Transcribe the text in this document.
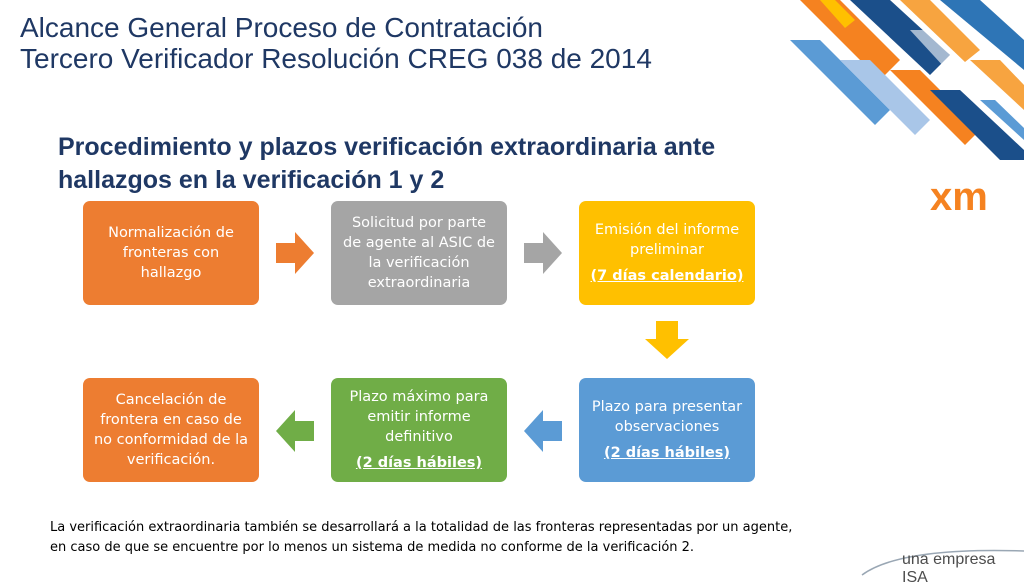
Alcance General Proceso de Contratación
Tercero Verificador Resolución CREG 038 de 2014
xm
Procedimiento y plazos verificación extraordinaria ante hallazgos en la verificación 1 y 2
Normalización de fronteras con hallazgo
Solicitud por parte de agente al ASIC de la verificación extraordinaria
Emisión del informe preliminar
(7 días calendario)
Plazo para presentar observaciones
(2 días hábiles)
Plazo máximo para emitir informe definitivo
(2 días hábiles)
Cancelación de frontera en caso de no conformidad de la verificación.
La verificación extraordinaria también se desarrollará a la totalidad de las fronteras representadas por un agente, en caso de que se encuentre por lo menos un sistema de medida no conforme de la verificación 2.
una empresa ISA
